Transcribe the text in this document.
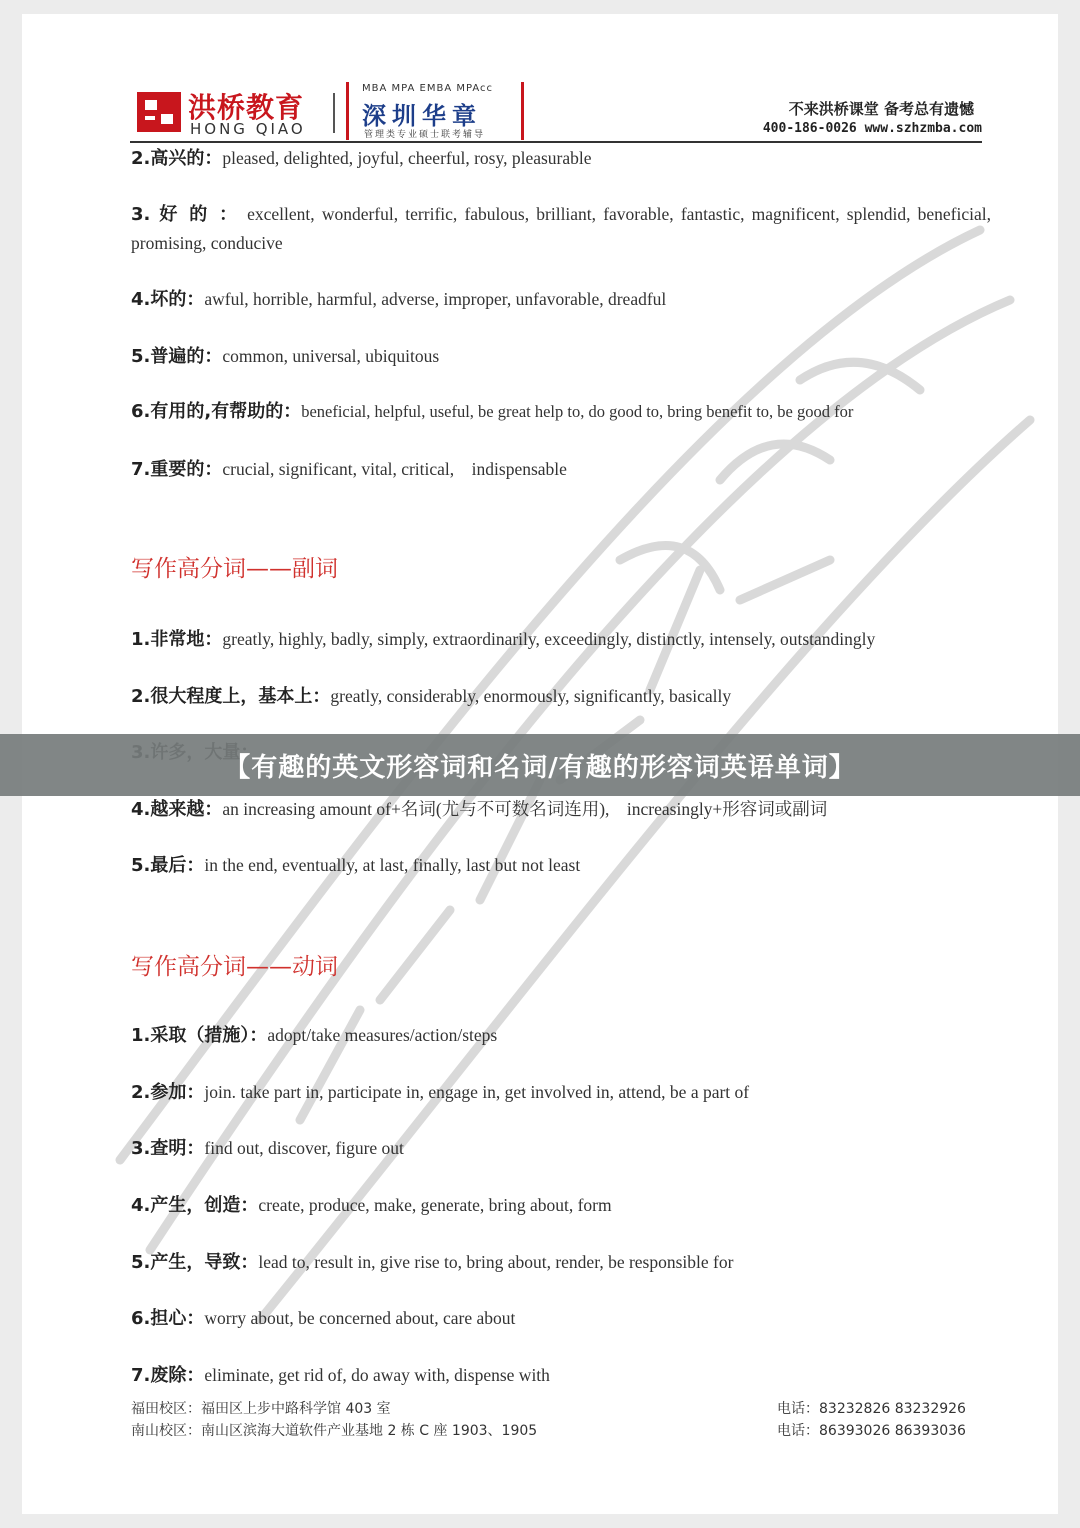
洪桥教育
HONG QIAO
MBA MPA EMBA MPAcc
深圳华章
管理类专业硕士联考辅导
不来洪桥课堂 备考总有遗憾
400-186-0026 www.szhzmba.com
2.高兴的：pleased, delighted, joyful, cheerful, rosy, pleasurable
3. 好 的 ： excellent, wonderful, terrific, fabulous, brilliant, favorable, fantastic, magnificent, splendid, beneficial, promising, conducive
4.坏的：awful, horrible, harmful, adverse, improper, unfavorable, dreadful
5.普遍的：common, universal, ubiquitous
6.有用的,有帮助的：beneficial, helpful, useful, be great help to, do good to, bring benefit to, be good for
7.重要的：crucial, significant, vital, critical,    indispensable
写作高分词——副词
1.非常地：greatly, highly, badly, simply, extraordinarily, exceedingly, distinctly, intensely, outstandingly
2.很大程度上，基本上：greatly, considerably, enormously, significantly, basically
4.越来越：an increasing amount of+名词(尤与不可数名词连用),    increasingly+形容词或副词
5.最后：in the end, eventually, at last, finally, last but not least
写作高分词——动词
1.采取（措施）：adopt/take measures/action/steps
2.参加：join. take part in, participate in, engage in, get involved in, attend, be a part of
3.查明：find out, discover, figure out
4.产生，创造：create, produce, make, generate, bring about, form
5.产生，导致：lead to, result in, give rise to, bring about, render, be responsible for
6.担心：worry about, be concerned about, care about
7.废除：eliminate, get rid of, do away with, dispense with
福田校区：福田区上步中路科学馆 403 室	电话：83232826 83232926
南山校区：南山区滨海大道软件产业基地 2 栋 C 座 1903、1905	电话：86393026 86393036
【有趣的英文形容词和名词/有趣的形容词英语单词】
